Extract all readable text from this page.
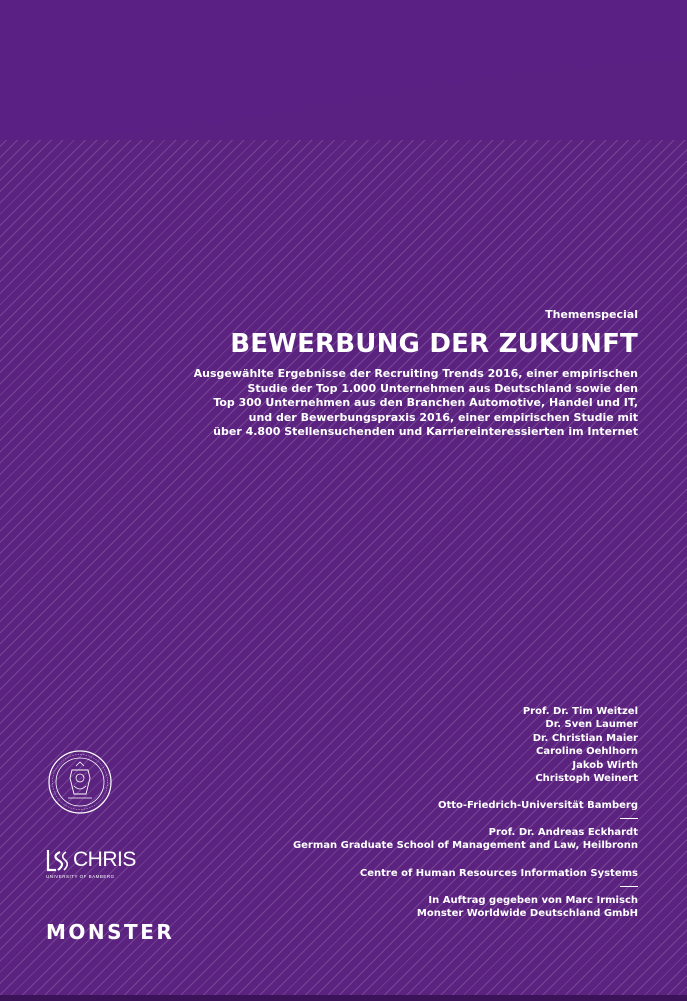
Themenspecial

BEWERBUNG DER ZUKUNFT

Ausgewählte Ergebnisse der Recruiting Trends 2016, einer empirischen
Studie der Top 1.000 Unternehmen aus Deutschland sowie den
Top 300 Unternehmen aus den Branchen Automotive, Handel und IT,
und der Bewerbungspraxis 2016, einer empirischen Studie mit
über 4.800 Stellensuchenden und Karriereinteressierten im Internet

Prof. Dr. Tim Weitzel
Dr. Sven Laumer
Dr. Christian Maier
Caroline Oehlhorn
Jakob Wirth
Christoph Weinert
Otto-Friedrich-Universität Bamberg
Prof. Dr. Andreas Eckhardt
German Graduate School of Management and Law, Heilbronn
Centre of Human Resources Information Systems
In Auftrag gegeben von Marc Irmisch
Monster Worldwide Deutschland GmbH
CHRIS
UNIVERSITY OF BAMBERG
MONSTER
